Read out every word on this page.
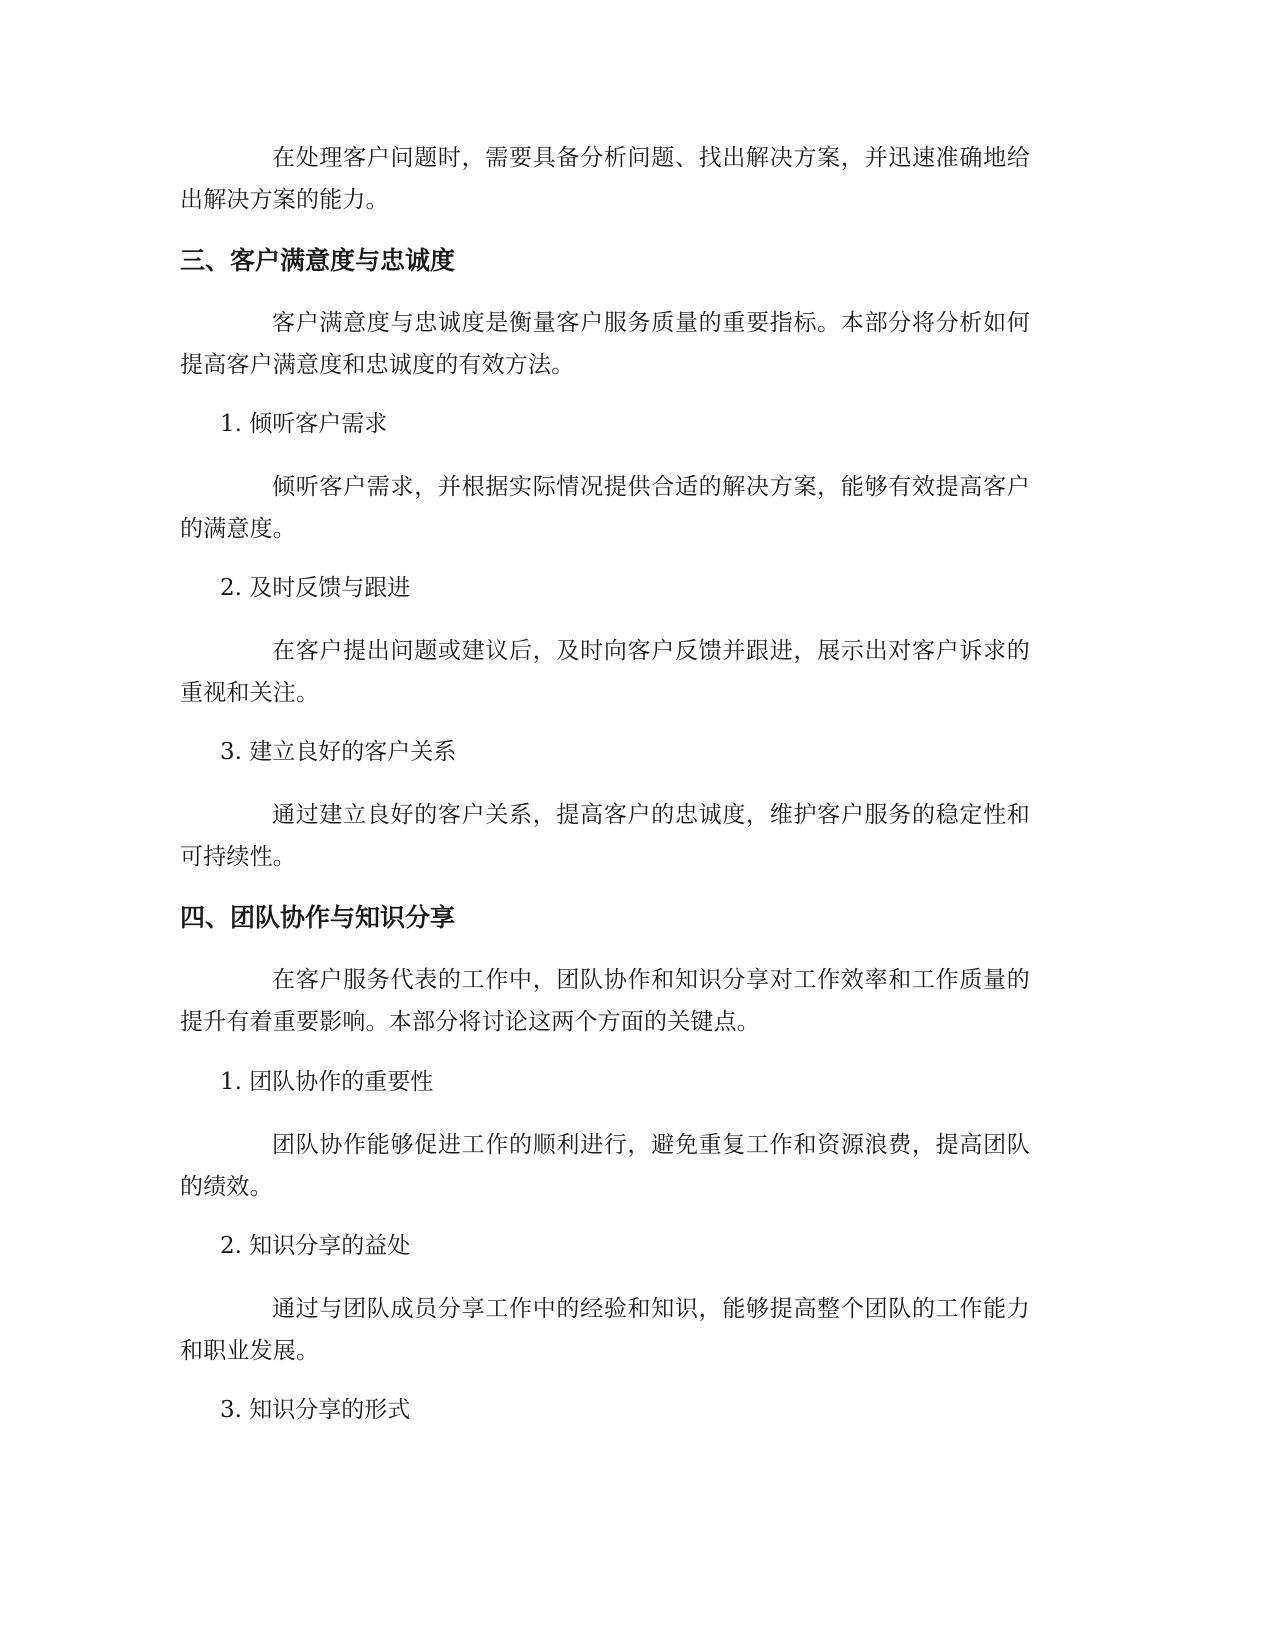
在处理客户问题时，需要具备分析问题、找出解决方案，并迅速准确地给出解决方案的能力。

三、客户满意度与忠诚度

客户满意度与忠诚度是衡量客户服务质量的重要指标。本部分将分析如何提高客户满意度和忠诚度的有效方法。

1. 倾听客户需求

倾听客户需求，并根据实际情况提供合适的解决方案，能够有效提高客户的满意度。

2. 及时反馈与跟进

在客户提出问题或建议后，及时向客户反馈并跟进，展示出对客户诉求的重视和关注。

3. 建立良好的客户关系

通过建立良好的客户关系，提高客户的忠诚度，维护客户服务的稳定性和可持续性。

四、团队协作与知识分享

在客户服务代表的工作中，团队协作和知识分享对工作效率和工作质量的提升有着重要影响。本部分将讨论这两个方面的关键点。

1. 团队协作的重要性

团队协作能够促进工作的顺利进行，避免重复工作和资源浪费，提高团队的绩效。

2. 知识分享的益处

通过与团队成员分享工作中的经验和知识，能够提高整个团队的工作能力和职业发展。

3. 知识分享的形式
